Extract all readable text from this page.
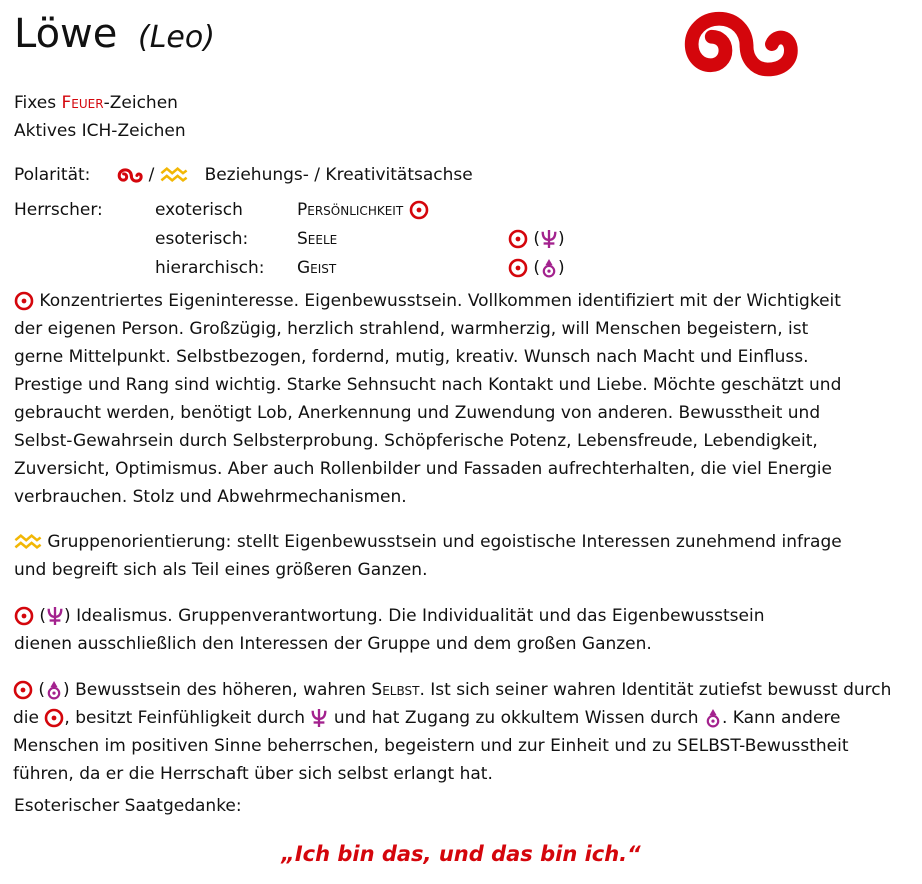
Löwe (Leo)
Fixes Feuer-Zeichen
Aktives ICH-Zeichen
Polarität:	/	Beziehungs- / Kreativitätsachse
Herrscher:	exoterisch	Persönlichkeit
esoterisch:	Seele	( )
hierarchisch: Geist	( )
Konzentriertes Eigeninteresse. Eigenbewusstsein. Vollkommen identifiziert mit der Wichtigkeit der eigenen Person. Großzügig, herzlich strahlend, warmherzig, will Menschen begeistern, ist gerne Mittelpunkt. Selbstbezogen, fordernd, mutig, kreativ. Wunsch nach Macht und Einfluss. Prestige und Rang sind wichtig. Starke Sehnsucht nach Kontakt und Liebe. Möchte geschätzt und gebraucht werden, benötigt Lob, Anerkennung und Zuwendung von anderen. Bewusstheit und Selbst-Gewahrsein durch Selbsterprobung. Schöpferische Potenz, Lebensfreude, Lebendigkeit, Zuversicht, Optimismus. Aber auch Rollenbilder und Fassaden aufrechterhalten, die viel Energie verbrauchen. Stolz und Abwehrmechanismen.
Gruppenorientierung: stellt Eigenbewusstsein und egoistische Interessen zunehmend infrage und begreift sich als Teil eines größeren Ganzen.
( ) Idealismus. Gruppenverantwortung. Die Individualität und das Eigenbewusstsein dienen ausschließlich den Interessen der Gruppe und dem großen Ganzen.
( ) Bewusstsein des höheren, wahren Selbst. Ist sich seiner wahren Identität zutiefst bewusst durch die , besitzt Feinfühligkeit durch  und hat Zugang zu okkultem Wissen durch . Kann andere Menschen im positiven Sinne beherrschen, begeistern und zur Einheit und zu SELBST-Bewusstheit führen, da er die Herrschaft über sich selbst erlangt hat.
Esoterischer Saatgedanke:
„Ich bin das, und das bin ich.“
